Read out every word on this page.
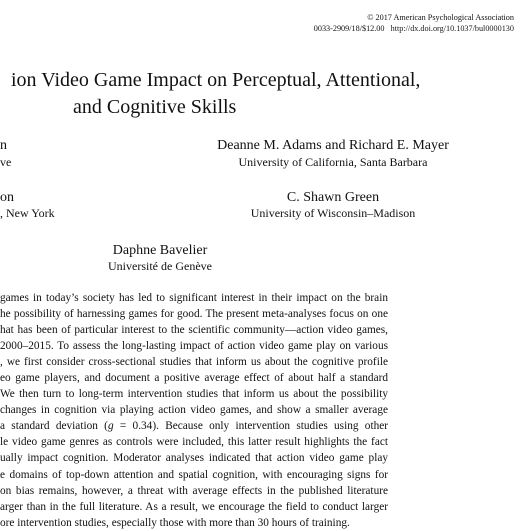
© 2017 American Psychological Association
0033-2909/18/$12.00 http://dx.doi.org/10.1037/bul0000130
ion Video Game Impact on Perceptual, Attentional,
and Cognitive Skills
n
ve
on
, New York
Deanne M. Adams and Richard E. Mayer
University of California, Santa Barbara
C. Shawn Green
University of Wisconsin–Madison
Daphne Bavelier
Université de Genève
games in today’s society has led to significant interest in their impact on the brain
he possibility of harnessing games for good. The present meta-analyses focus on one
hat has been of particular interest to the scientific community—action video games,
2000–2015. To assess the long-lasting impact of action video game play on various
, we first consider cross-sectional studies that inform us about the cognitive profile
eo game players, and document a positive average effect of about half a standard
We then turn to long-term intervention studies that inform us about the possibility
changes in cognition via playing action video games, and show a smaller average
a standard deviation (g = 0.34). Because only intervention studies using other
le video game genres as controls were included, this latter result highlights the fact
ually impact cognition. Moderator analyses indicated that action video game play
e domains of top-down attention and spatial cognition, with encouraging signs for
on bias remains, however, a threat with average effects in the published literature
arger than in the full literature. As a result, we encourage the field to conduct larger
ore intervention studies, especially those with more than 30 hours of training.
